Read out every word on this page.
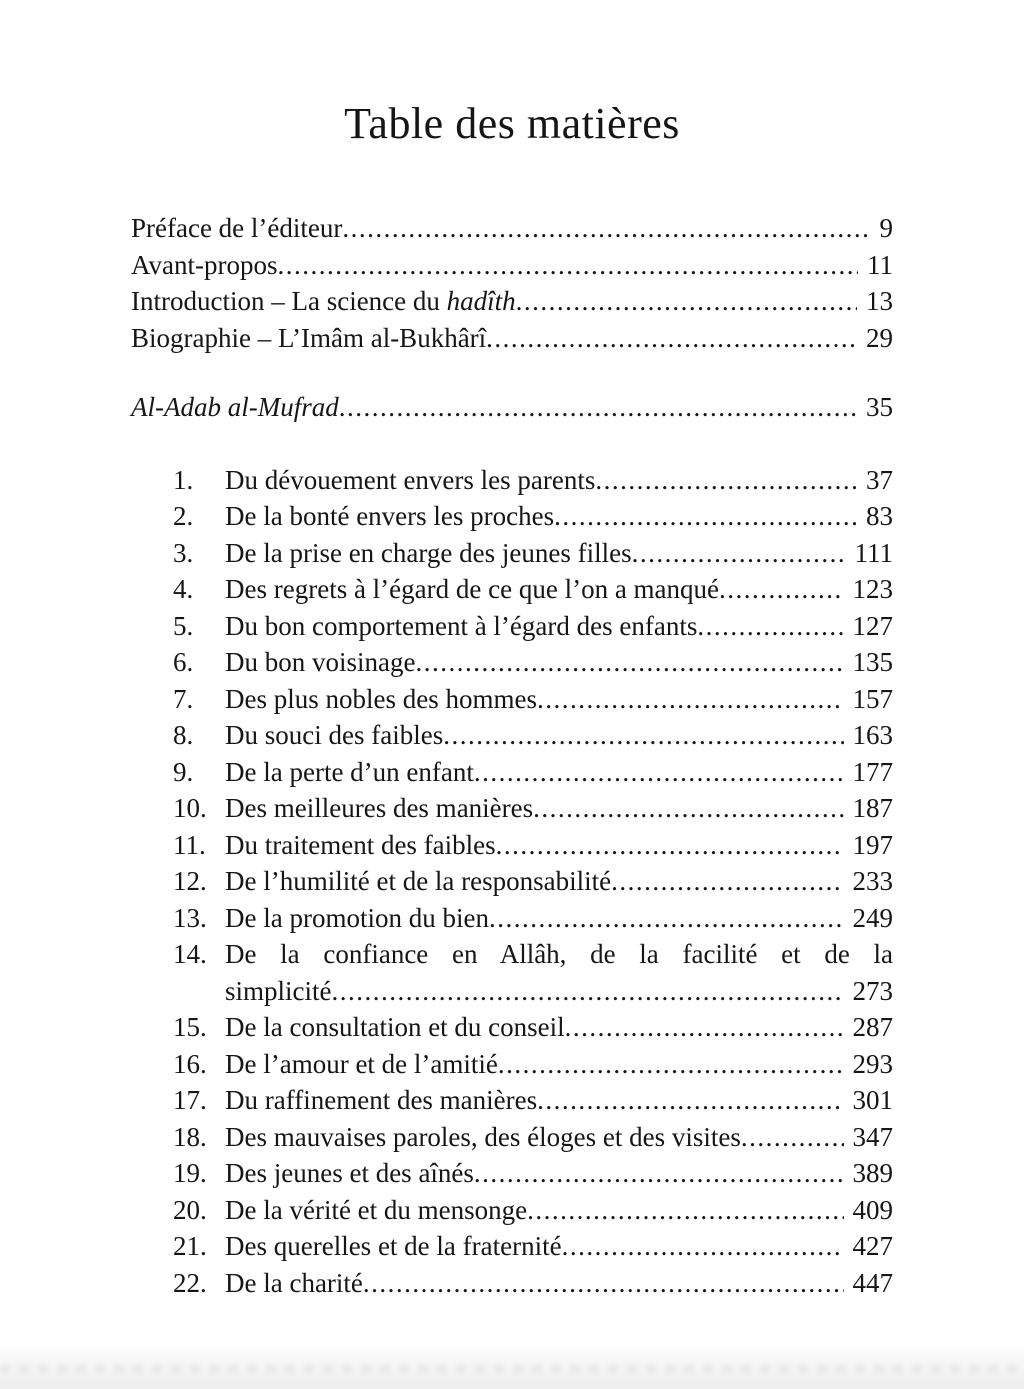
Table des matières
Préface de l’éditeur .....	9
Avant-propos .....	11
Introduction – La science du hadîth .....	13
Biographie – L’Imâm al-Bukhârî .....	29
Al-Adab al-Mufrad .....	35
1.	Du dévouement envers les parents .....	37
2.	De la bonté envers les proches .....	83
3.	De la prise en charge des jeunes filles .....	111
4.	Des regrets à l’égard de ce que l’on a manqué .....	123
5.	Du bon comportement à l’égard des enfants .....	127
6.	Du bon voisinage .....	135
7.	Des plus nobles des hommes .....	157
8.	Du souci des faibles .....	163
9.	De la perte d’un enfant .....	177
10. Des meilleures des manières .....	187
11. Du traitement des faibles .....	197
12. De l’humilité et de la responsabilité .....	233
13. De la promotion du bien .....	249
14. De la confiance en Allâh, de la facilité et de la
simplicité .....	273
15. De la consultation et du conseil .....	287
16. De l’amour et de l’amitié .....	293
17. Du raffinement des manières .....	301
18. Des mauvaises paroles, des éloges et des visites .....	347
19. Des jeunes et des aînés .....	389
20. De la vérité et du mensonge .....	409
21. Des querelles et de la fraternité .....	427
22. De la charité .....	447
